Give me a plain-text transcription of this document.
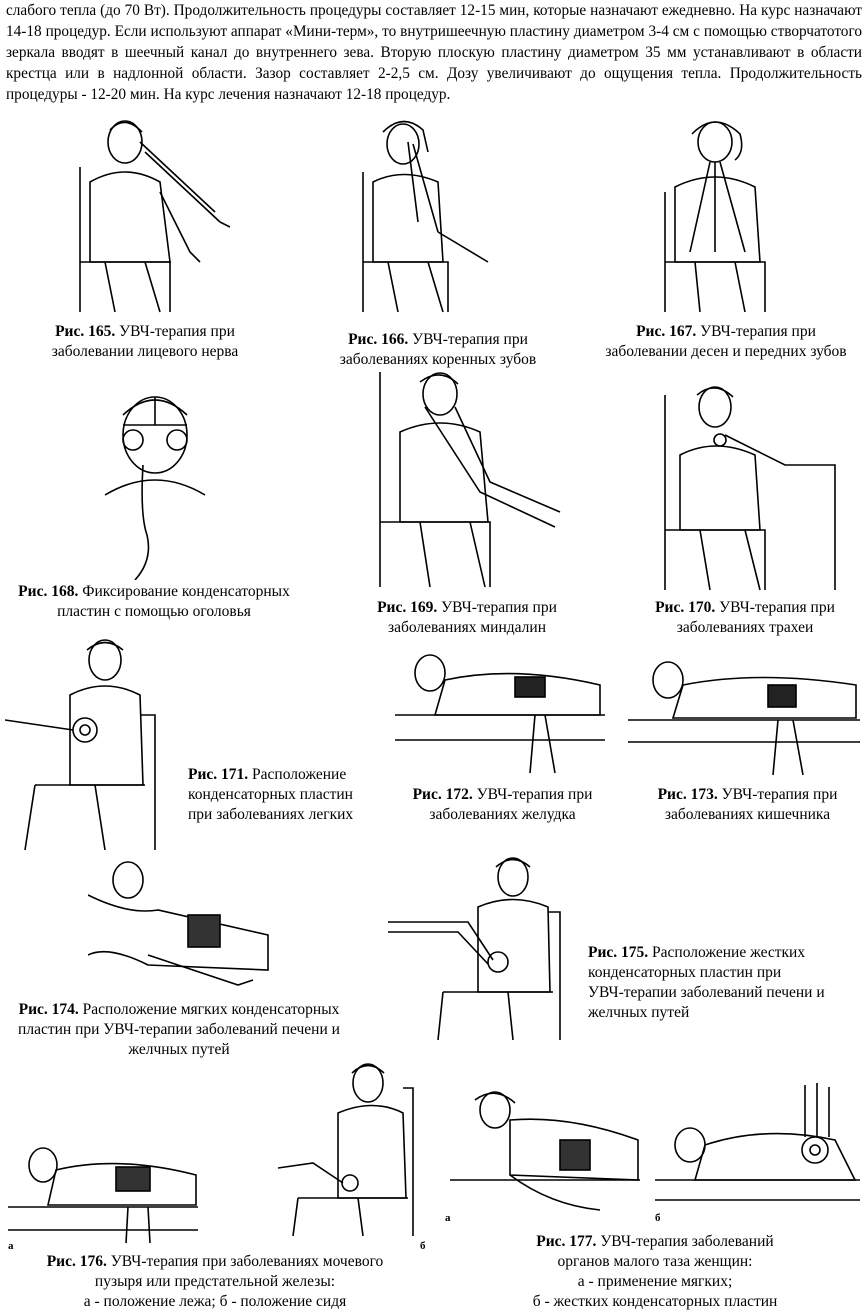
слабого тепла (до 70 Вт). Продолжительность процедуры составляет 12-15 мин, которые назначают ежедневно. На курс назначают 14-18 процедур. Если используют аппарат «Мини-терм», то внутришеечную пластину диаметром 3-4 см с помощью створчатотого зеркала вводят в шеечный канал до внутреннего зева. Вторую плоскую пластину диаметром 35 мм устанавливают в области крестца или в надлонной области. Зазор составляет 2-2,5 см. Дозу увеличивают до ощущения тепла. Продолжительность процедуры - 12-20 мин. На курс лечения назначают 12-18 процедур.

Рис. 165. УВЧ-терапия при
заболевании лицевого нерва
Рис. 166. УВЧ-терапия при
заболеваниях коренных зубов
Рис. 167. УВЧ-терапия при
заболевании десен и передних зубов
Рис. 168. Фиксирование конденсаторных
пластин с помощью оголовья	Рис. 169. УВЧ-терапия при
заболеваниях миндалин
Рис. 170. УВЧ-терапия при
заболеваниях трахеи
Рис. 171. Расположение
конденсаторных пластин
при заболеваниях легких
Рис. 172. УВЧ-терапия при
заболеваниях желудка
Рис. 173. УВЧ-терапия при
заболеваниях кишечника
Рис. 174. Расположение мягких конденсаторных
пластин при УВЧ-терапии заболеваний печени и
желчных путей
Рис. 175. Расположение жестких
конденсаторных пластин при
УВЧ-терапии заболеваний печени и
желчных путей
а	б
Рис. 176. УВЧ-терапия при заболеваниях мочевого
пузыря или предстательной железы:
а - положение лежа; б - положение сидя
а	б
Рис. 177. УВЧ-терапия заболеваний
органов малого таза женщин:
а - применение мягких;
б - жестких конденсаторных пластин
